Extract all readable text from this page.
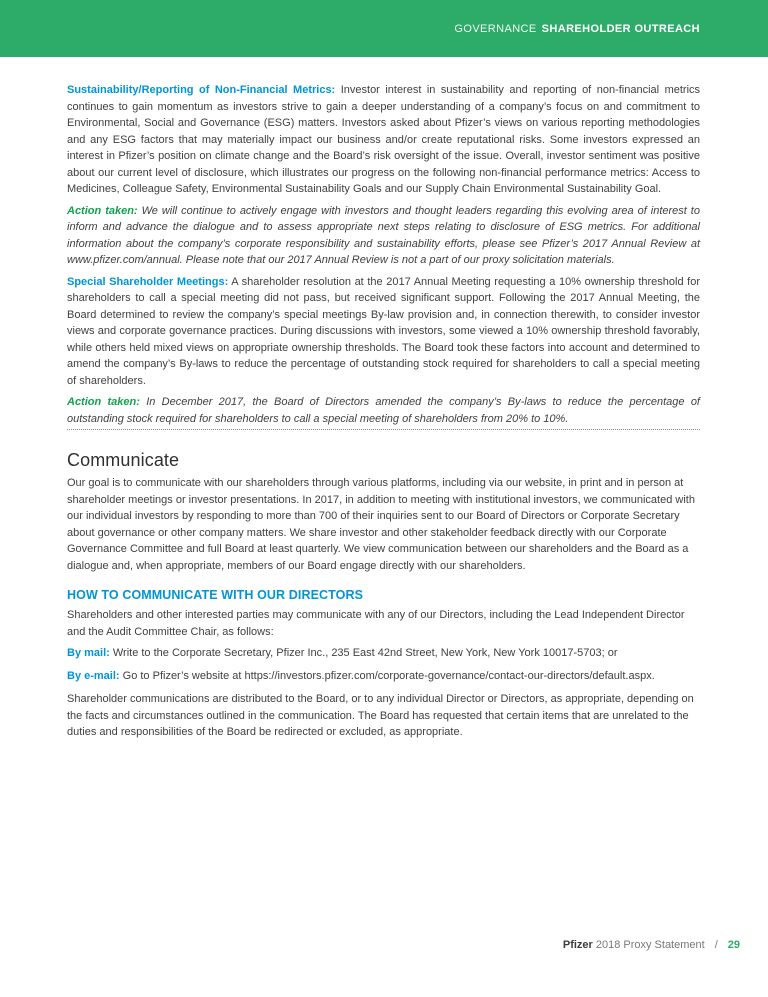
GOVERNANCE SHAREHOLDER OUTREACH

Sustainability/Reporting of Non-Financial Metrics: Investor interest in sustainability and reporting of non-financial metrics continues to gain momentum as investors strive to gain a deeper understanding of a company’s focus on and commitment to Environmental, Social and Governance (ESG) matters. Investors asked about Pfizer’s views on various reporting methodologies and any ESG factors that may materially impact our business and/or create reputational risks. Some investors expressed an interest in Pfizer’s position on climate change and the Board’s risk oversight of the issue. Overall, investor sentiment was positive about our current level of disclosure, which illustrates our progress on the following non-financial performance metrics: Access to Medicines, Colleague Safety, Environmental Sustainability Goals and our Supply Chain Environmental Sustainability Goal.

Action taken: We will continue to actively engage with investors and thought leaders regarding this evolving area of interest to inform and advance the dialogue and to assess appropriate next steps relating to disclosure of ESG metrics. For additional information about the company’s corporate responsibility and sustainability efforts, please see Pfizer’s 2017 Annual Review at www.pfizer.com/annual. Please note that our 2017 Annual Review is not a part of our proxy solicitation materials.

Special Shareholder Meetings: A shareholder resolution at the 2017 Annual Meeting requesting a 10% ownership threshold for shareholders to call a special meeting did not pass, but received significant support. Following the 2017 Annual Meeting, the Board determined to review the company’s special meetings By-law provision and, in connection therewith, to consider investor views and corporate governance practices. During discussions with investors, some viewed a 10% ownership threshold favorably, while others held mixed views on appropriate ownership thresholds. The Board took these factors into account and determined to amend the company’s By-laws to reduce the percentage of outstanding stock required for shareholders to call a special meeting of shareholders.

Action taken: In December 2017, the Board of Directors amended the company’s By-laws to reduce the percentage of outstanding stock required for shareholders to call a special meeting of shareholders from 20% to 10%.

Communicate

Our goal is to communicate with our shareholders through various platforms, including via our website, in print and in person at shareholder meetings or investor presentations. In 2017, in addition to meeting with institutional investors, we communicated with our individual investors by responding to more than 700 of their inquiries sent to our Board of Directors or Corporate Secretary about governance or other company matters. We share investor and other stakeholder feedback directly with our Corporate Governance Committee and full Board at least quarterly. We view communication between our shareholders and the Board as a dialogue and, when appropriate, members of our Board engage directly with our shareholders.

HOW TO COMMUNICATE WITH OUR DIRECTORS

Shareholders and other interested parties may communicate with any of our Directors, including the Lead Independent Director and the Audit Committee Chair, as follows:

By mail: Write to the Corporate Secretary, Pfizer Inc., 235 East 42nd Street, New York, New York 10017-5703; or

By e-mail: Go to Pfizer’s website at https://investors.pfizer.com/corporate-governance/contact-our-directors/default.aspx.

Shareholder communications are distributed to the Board, or to any individual Director or Directors, as appropriate, depending on the facts and circumstances outlined in the communication. The Board has requested that certain items that are unrelated to the duties and responsibilities of the Board be redirected or excluded, as appropriate.

Pfizer 2018 Proxy Statement / 29
